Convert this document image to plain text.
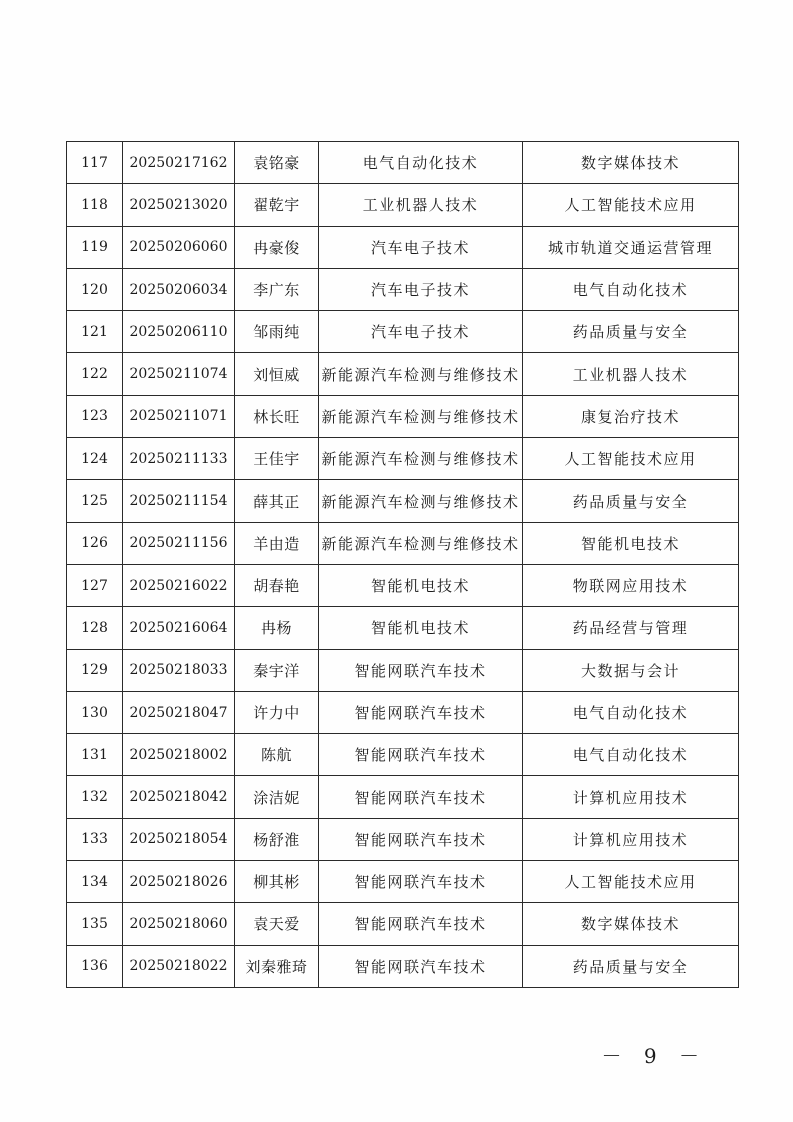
117	20250217162	袁铭豪	电气自动化技术	数字媒体技术
118	20250213020	翟乾宇	工业机器人技术	人工智能技术应用
119	20250206060	冉豪俊	汽车电子技术	城市轨道交通运营管理
120	20250206034	李广东	汽车电子技术	电气自动化技术
121	20250206110	邹雨纯	汽车电子技术	药品质量与安全
122	20250211074	刘恒威	新能源汽车检测与维修技术	工业机器人技术
123	20250211071	林长旺	新能源汽车检测与维修技术	康复治疗技术
124	20250211133	王佳宇	新能源汽车检测与维修技术	人工智能技术应用
125	20250211154	薛其正	新能源汽车检测与维修技术	药品质量与安全
126	20250211156	羊由造	新能源汽车检测与维修技术	智能机电技术
127	20250216022	胡春艳	智能机电技术	物联网应用技术
128	20250216064	冉杨	智能机电技术	药品经营与管理
129	20250218033	秦宇洋	智能网联汽车技术	大数据与会计
130	20250218047	许力中	智能网联汽车技术	电气自动化技术
131	20250218002	陈航	智能网联汽车技术	电气自动化技术
132	20250218042	涂洁妮	智能网联汽车技术	计算机应用技术
133	20250218054	杨舒淮	智能网联汽车技术	计算机应用技术
134	20250218026	柳其彬	智能网联汽车技术	人工智能技术应用
135	20250218060	袁天爱	智能网联汽车技术	数字媒体技术
136	20250218022	刘秦雅琦	智能网联汽车技术	药品质量与安全
－ 9 －
